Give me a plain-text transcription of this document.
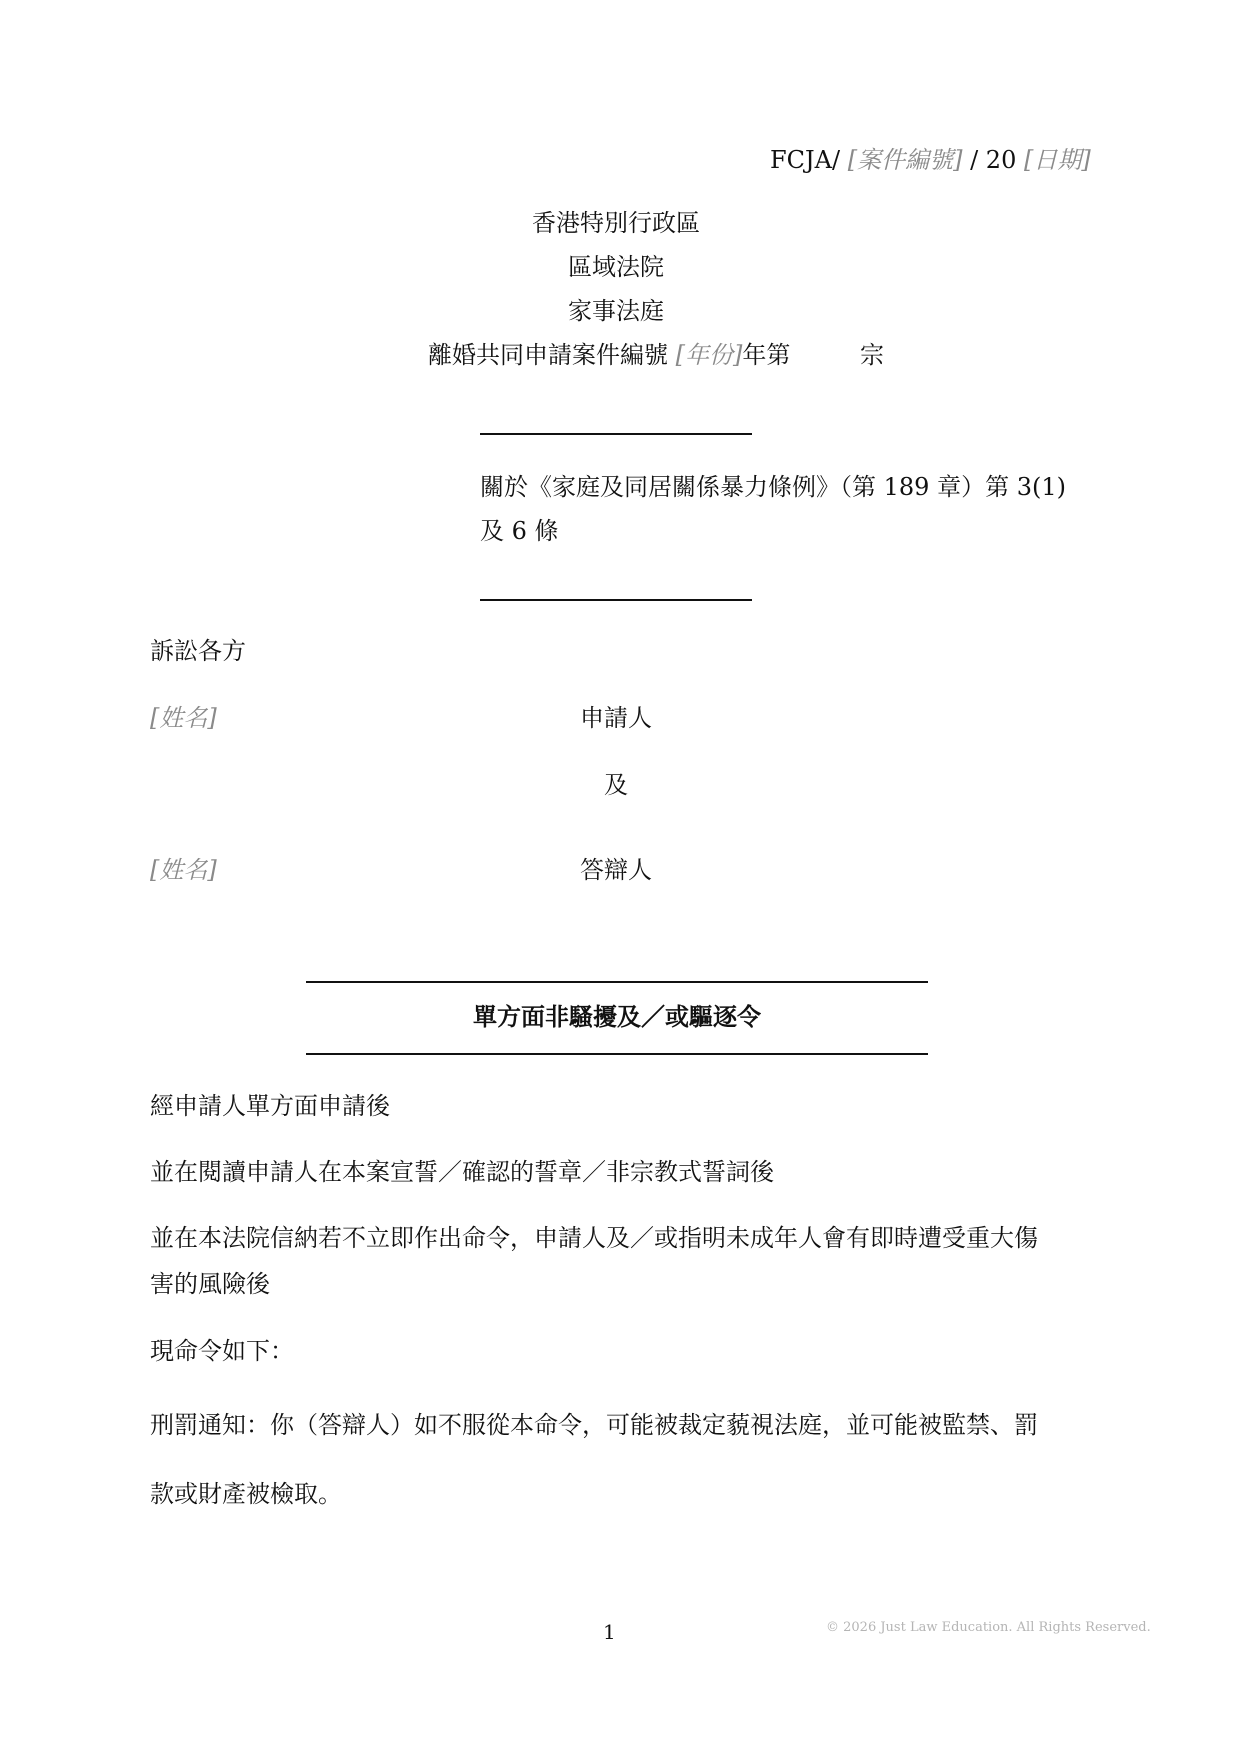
FCJA/ [案件編號] / 20 [日期]
香港特別行政區
區域法院
家事法庭
離婚共同申請案件編號 [年份]年第	宗
關於《家庭及同居關係暴力條例》（第 189 章）第 3(1)
及 6 條
訴訟各方
[姓名]	申請人
及
[姓名]	答辯人
單方面非騷擾及／或驅逐令
經申請人單方面申請後
並在閱讀申請人在本案宣誓／確認的誓章／非宗教式誓詞後
並在本法院信納若不立即作出命令，申請人及／或指明未成年人會有即時遭受重大傷
害的風險後
現命令如下：
刑罰通知：你（答辯人）如不服從本命令，可能被裁定藐視法庭，並可能被監禁、罰
款或財產被檢取。
1	© 2026 Just Law Education. All Rights Reserved.
